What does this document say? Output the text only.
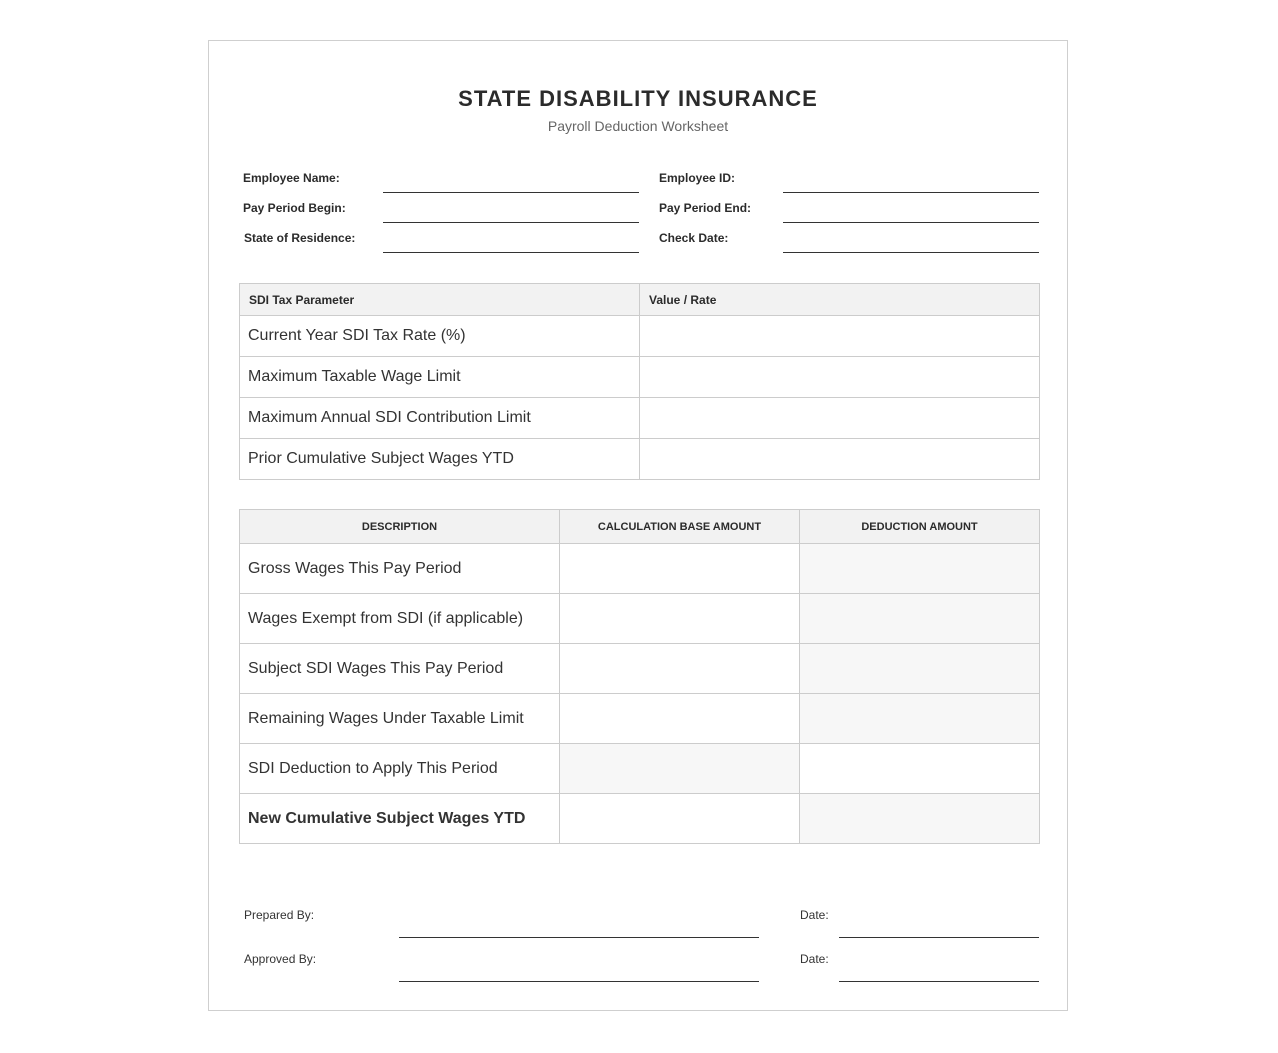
STATE DISABILITY INSURANCE
Payroll Deduction Worksheet
Employee Name:	Employee ID:
Pay Period Begin:	Pay Period End:
State of Residence:	Check Date:
SDI Tax Parameter	Value / Rate
Current Year SDI Tax Rate (%)	
Maximum Taxable Wage Limit	
Maximum Annual SDI Contribution Limit	
Prior Cumulative Subject Wages YTD	
DESCRIPTION	CALCULATION BASE AMOUNT	DEDUCTION AMOUNT
Gross Wages This Pay Period		
Wages Exempt from SDI (if applicable)		
Subject SDI Wages This Pay Period		
Remaining Wages Under Taxable Limit		
SDI Deduction to Apply This Period		
New Cumulative Subject Wages YTD		
Prepared By:	Date:
Approved By:	Date:
